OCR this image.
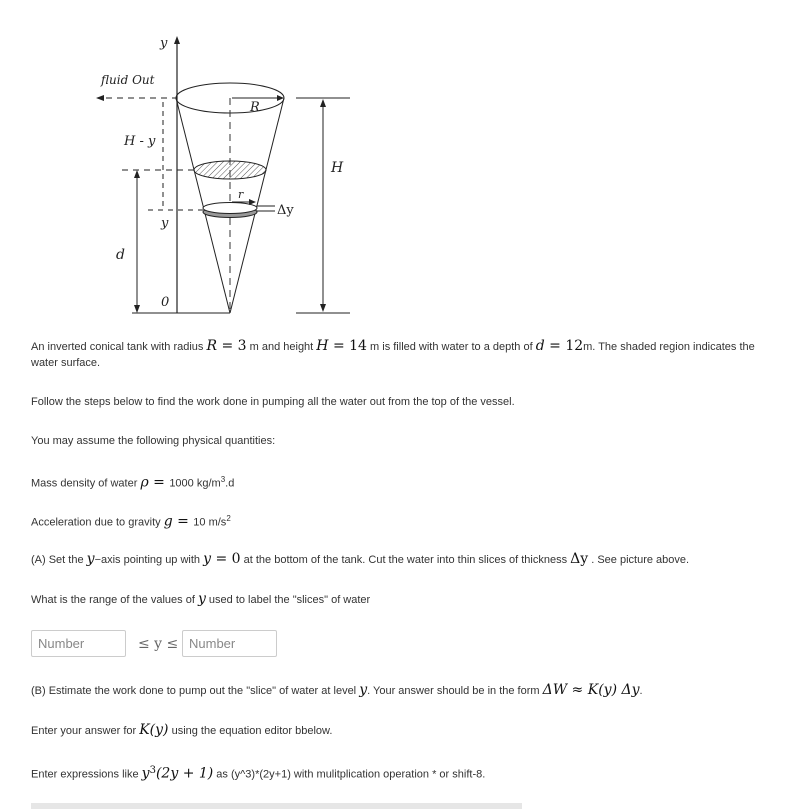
y
fluid Out
R
r
Δy
H - y
y
d
0
H
An inverted conical tank with radius R = 3 m and height H = 14 m is filled with water to a depth of d = 12m. The shaded region indicates the
water surface.
Follow the steps below to find the work done in pumping all the water out from the top of the vessel.
You may assume the following physical quantities:
Mass density of water ρ = 1000 $kg/m^3.d$
Acceleration due to gravity g = 10 $m/s^2$
(A) Set the y−axis pointing up with y = 0 at the bottom of the tank. Cut the water into thin slices of thickness Δy . See picture above.
What is the range of the values of y used to label the "slices" of water
Number
≤ y ≤
Number
(B) Estimate the work done to pump out the "slice" of water at level y. Your answer should be in the form ΔW ≈ K(y) Δy.
Enter your answer for K(y) using the equation editor bbelow.
Enter expressions like $y^3(2y + 1)$ as (y^3)*(2y+1) with mulitplication operation * or shift-8.
